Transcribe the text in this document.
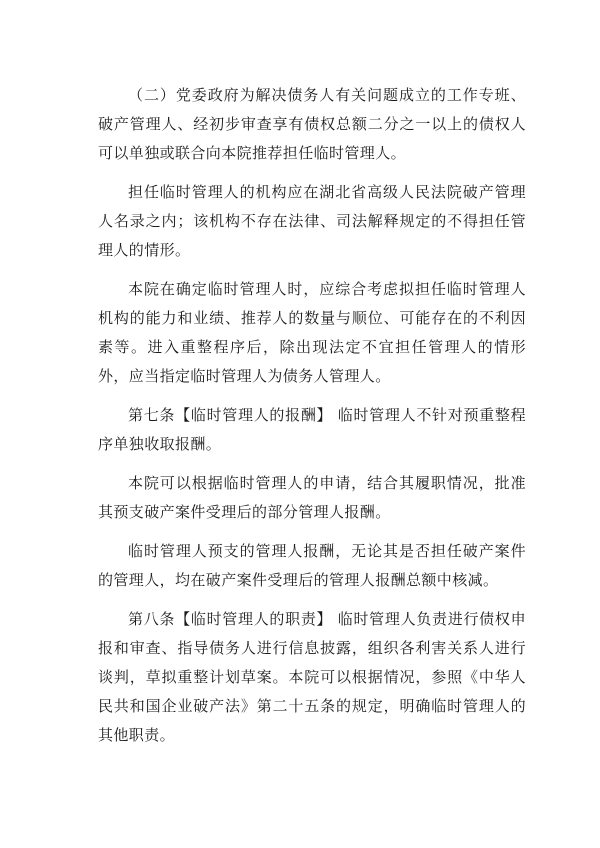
（二）党委政府为解决债务人有关问题成立的工作专班、破产管理人、经初步审查享有债权总额二分之一以上的债权人可以单独或联合向本院推荐担任临时管理人。

担任临时管理人的机构应在湖北省高级人民法院破产管理人名录之内；该机构不存在法律、司法解释规定的不得担任管理人的情形。

本院在确定临时管理人时，应综合考虑拟担任临时管理人机构的能力和业绩、推荐人的数量与顺位、可能存在的不利因素等。进入重整程序后，除出现法定不宜担任管理人的情形外，应当指定临时管理人为债务人管理人。

第七条【临时管理人的报酬】 临时管理人不针对预重整程序单独收取报酬。

本院可以根据临时管理人的申请，结合其履职情况，批准其预支破产案件受理后的部分管理人报酬。

临时管理人预支的管理人报酬，无论其是否担任破产案件的管理人，均在破产案件受理后的管理人报酬总额中核减。

第八条【临时管理人的职责】 临时管理人负责进行债权申报和审查、指导债务人进行信息披露，组织各利害关系人进行谈判，草拟重整计划草案。本院可以根据情况，参照《中华人民共和国企业破产法》第二十五条的规定，明确临时管理人的其他职责。
